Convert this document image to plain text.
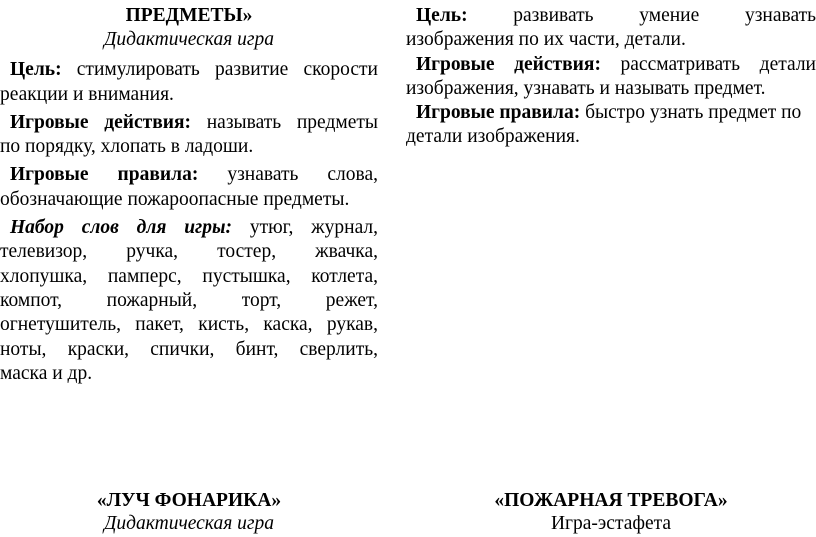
ПРЕДМЕТЫ»
Дидактическая игра
Цель: стимулировать развитие скорости
реакции и внимания.
Игровые действия: называть предметы
по порядку, хлопать в ладоши.
Игровые правила: узнавать слова,
обозначающие пожароопасные предметы.
Набор слов для игры: утюг, журнал,
телевизор, ручка, тостер, жвачка,
хлопушка, памперс, пустышка, котлета,
компот, пожарный, торт, режет,
огнетушитель, пакет, кисть, каска, рукав,
ноты, краски, спички, бинт, сверлить,
маска и др.
Цель: развивать умение узнавать
изображения по их части, детали.
Игровые действия: рассматривать детали
изображения, узнавать и называть предмет.
Игровые правила: быстро узнать предмет по
детали изображения.
«ЛУЧ ФОНАРИКА»
Дидактическая игра
«ПОЖАРНАЯ ТРЕВОГА»
Игра-эстафета
